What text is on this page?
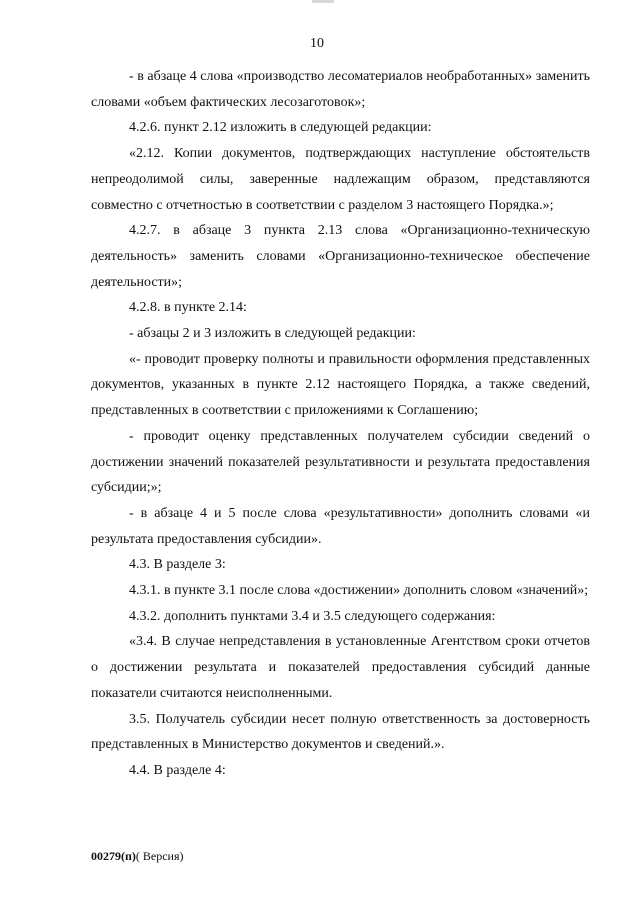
10

- в абзаце 4 слова «производство лесоматериалов необработанных» заменить словами «объем фактических лесозаготовок»;

4.2.6. пункт 2.12 изложить в следующей редакции:

«2.12. Копии документов, подтверждающих наступление обстоятельств непреодолимой силы, заверенные надлежащим образом, представляются совместно с отчетностью в соответствии с разделом 3 настоящего Порядка.»;

4.2.7. в абзаце 3 пункта 2.13 слова «Организационно-техническую деятельность» заменить словами «Организационно-техническое обеспечение деятельности»;

4.2.8. в пункте 2.14:

- абзацы 2 и 3 изложить в следующей редакции:

«- проводит проверку полноты и правильности оформления представленных документов, указанных в пункте 2.12 настоящего Порядка, а также сведений, представленных в соответствии с приложениями к Соглашению;

- проводит оценку представленных получателем субсидии сведений о достижении значений показателей результативности и результата предоставления субсидии;»;

- в абзаце 4 и 5 после слова «результативности» дополнить словами «и результата предоставления субсидии».

4.3. В разделе 3:

4.3.1. в пункте 3.1 после слова «достижении» дополнить словом «значений»;

4.3.2. дополнить пунктами 3.4 и 3.5 следующего содержания:

«3.4. В случае непредставления в установленные Агентством сроки отчетов о достижении результата и показателей предоставления субсидий данные показатели считаются неисполненными.

3.5. Получатель субсидии несет полную ответственность за достоверность представленных в Министерство документов и сведений.».

4.4. В разделе 4:

00279(п)( Версия)
